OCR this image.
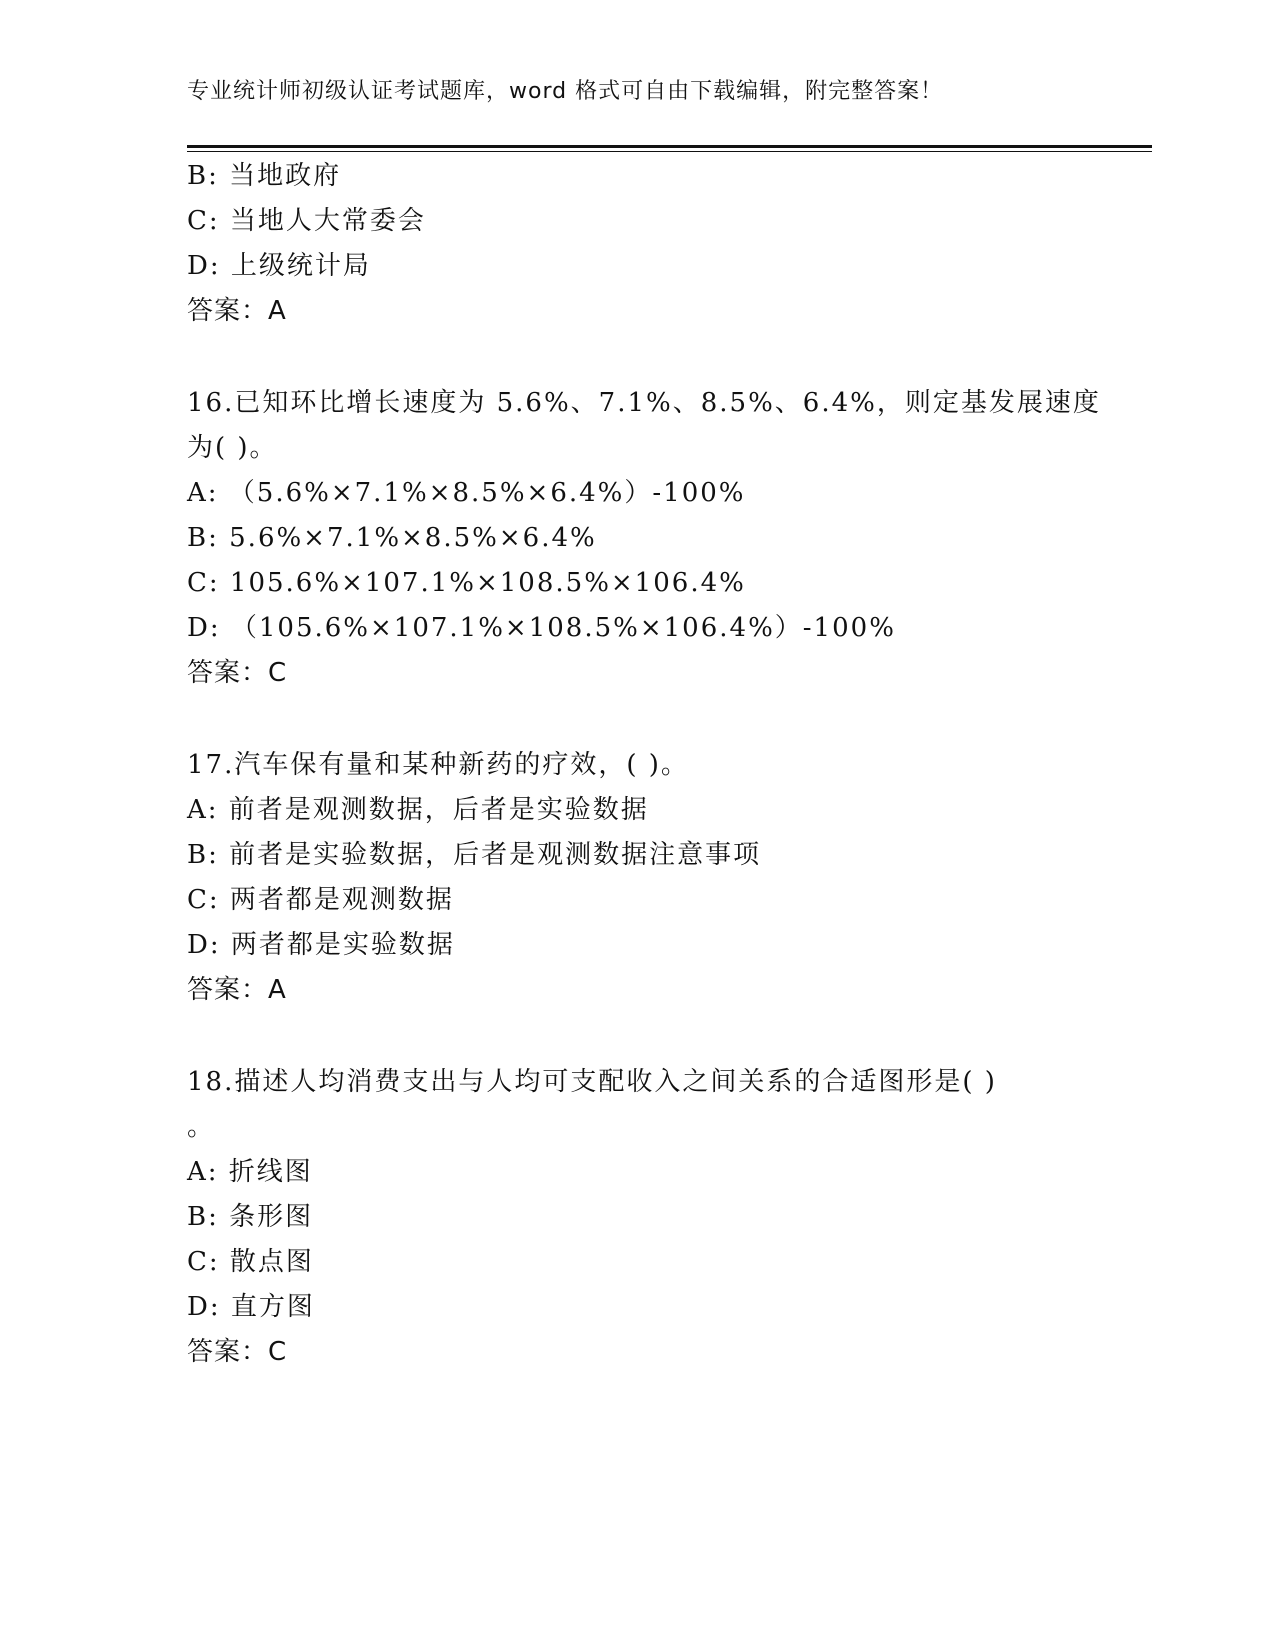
专业统计师初级认证考试题库，word 格式可自由下载编辑，附完整答案！
B: 当地政府
C: 当地人大常委会
D: 上级统计局
答案：A
16.已知环比增长速度为 5.6%、7.1%、8.5%、6.4%，则定基发展速度
为( )。
A: （5.6%×7.1%×8.5%×6.4%）-100%
B: 5.6%×7.1%×8.5%×6.4%
C: 105.6%×107.1%×108.5%×106.4%
D: （105.6%×107.1%×108.5%×106.4%）-100%
答案：C
17.汽车保有量和某种新药的疗效，( )。
A: 前者是观测数据，后者是实验数据
B: 前者是实验数据，后者是观测数据注意事项
C: 两者都是观测数据
D: 两者都是实验数据
答案：A
18.描述人均消费支出与人均可支配收入之间关系的合适图形是( )
。
A: 折线图
B: 条形图
C: 散点图
D: 直方图
答案：C
